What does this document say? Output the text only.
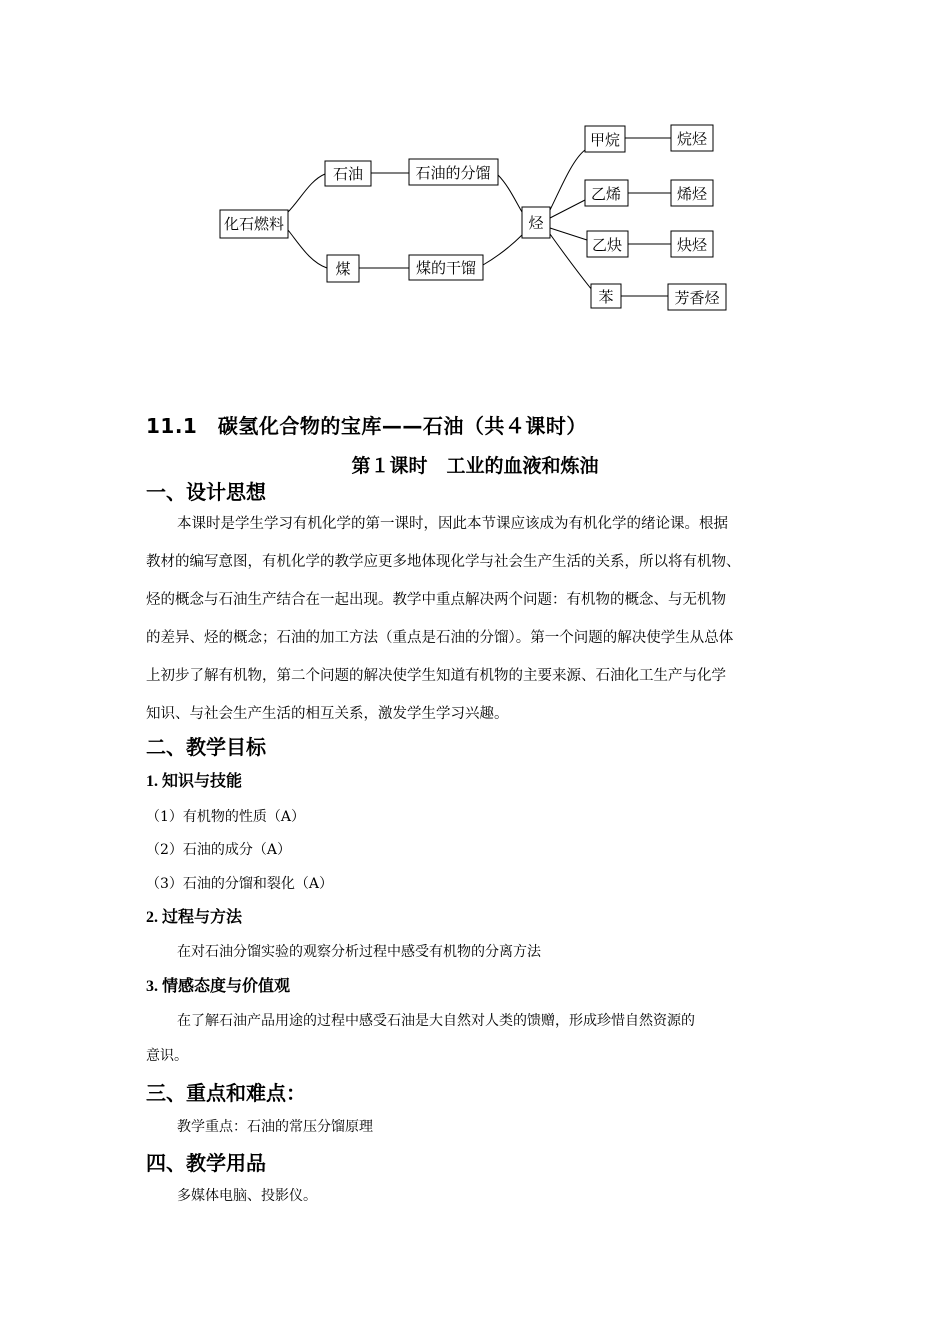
化石燃料
石油
煤
石油的分馏
煤的干馏
烃
甲烷
乙烯
乙炔
苯
烷烃
烯烃
炔烃
芳香烃
11.1　碳氢化合物的宝库——石油（共４课时）
第１课时　工业的血液和炼油
一、设计思想
本课时是学生学习有机化学的第一课时，因此本节课应该成为有机化学的绪论课。根据
教材的编写意图，有机化学的教学应更多地体现化学与社会生产生活的关系，所以将有机物、
烃的概念与石油生产结合在一起出现。教学中重点解决两个问题：有机物的概念、与无机物
的差异、烃的概念；石油的加工方法（重点是石油的分馏）。第一个问题的解决使学生从总体
上初步了解有机物，第二个问题的解决使学生知道有机物的主要来源、石油化工生产与化学
知识、与社会生产生活的相互关系，激发学生学习兴趣。
二、教学目标
1. 知识与技能
（1）有机物的性质（A）
（2）石油的成分（A）
（3）石油的分馏和裂化（A）
2. 过程与方法
在对石油分馏实验的观察分析过程中感受有机物的分离方法
3. 情感态度与价值观
在了解石油产品用途的过程中感受石油是大自然对人类的馈赠，形成珍惜自然资源的
意识。
三、重点和难点：
教学重点：石油的常压分馏原理
四、教学用品
多媒体电脑、投影仪。
